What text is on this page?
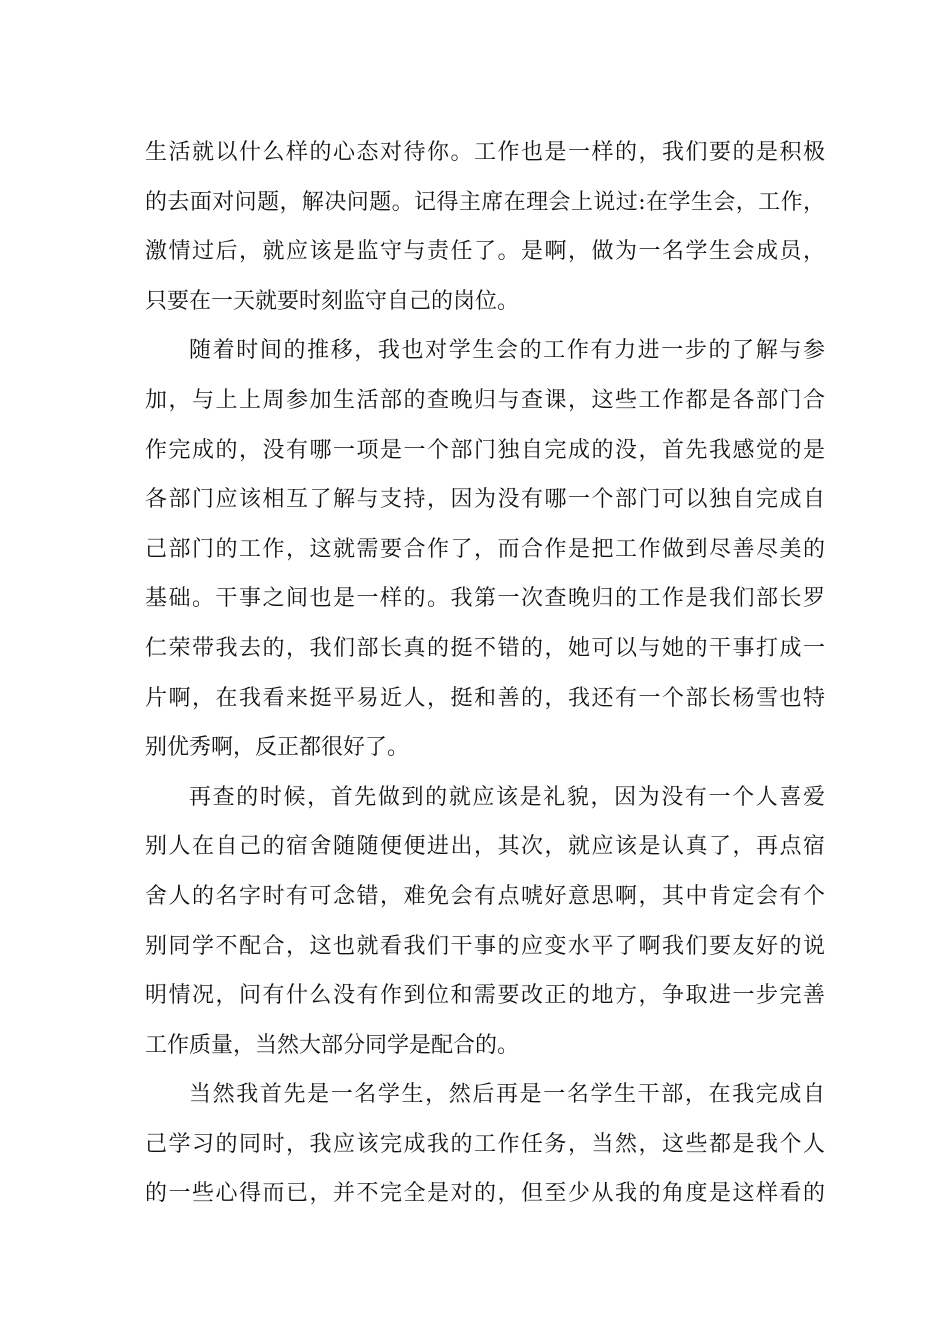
生活就以什么样的心态对待你。工作也是一样的，我们要的是积极
的去面对问题，解决问题。记得主席在理会上说过:在学生会，工作，
激情过后，就应该是监守与责任了。是啊，做为一名学生会成员，
只要在一天就要时刻监守自己的岗位。
随着时间的推移，我也对学生会的工作有力进一步的了解与参
加，与上上周参加生活部的查晚归与查课，这些工作都是各部门合
作完成的，没有哪一项是一个部门独自完成的没，首先我感觉的是
各部门应该相互了解与支持，因为没有哪一个部门可以独自完成自
己部门的工作，这就需要合作了，而合作是把工作做到尽善尽美的
基础。干事之间也是一样的。我第一次查晚归的工作是我们部长罗
仁荣带我去的，我们部长真的挺不错的，她可以与她的干事打成一
片啊，在我看来挺平易近人，挺和善的，我还有一个部长杨雪也特
别优秀啊，反正都很好了。
再查的时候，首先做到的就应该是礼貌，因为没有一个人喜爱
别人在自己的宿舍随随便便进出，其次，就应该是认真了，再点宿
舍人的名字时有可念错，难免会有点唬好意思啊，其中肯定会有个
别同学不配合，这也就看我们干事的应变水平了啊我们要友好的说
明情况，问有什么没有作到位和需要改正的地方，争取进一步完善
工作质量，当然大部分同学是配合的。
当然我首先是一名学生，然后再是一名学生干部，在我完成自
己学习的同时，我应该完成我的工作任务，当然，这些都是我个人
的一些心得而已，并不完全是对的，但至少从我的角度是这样看的
